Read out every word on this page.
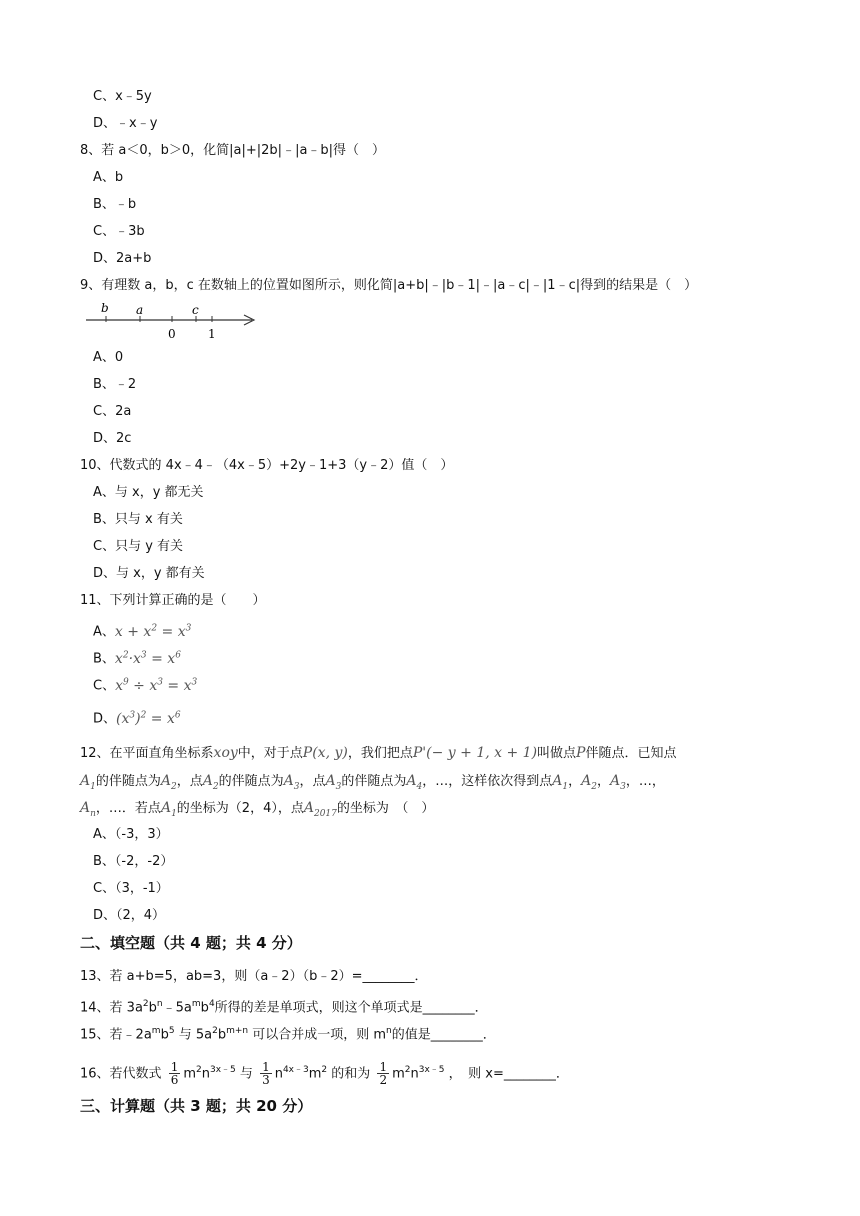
C、x﹣5y
D、﹣x﹣y
8、若 a＜0，b＞0，化简|a|+|2b|﹣|a﹣b|得（　）
A、b
B、﹣b
C、﹣3b
D、2a+b
9、有理数 a，b，c 在数轴上的位置如图所示，则化简|a+b|﹣|b﹣1|﹣|a﹣c|﹣|1﹣c|得到的结果是（　）
b a	c
0	1
A、0
B、﹣2
C、2a
D、2c
10、代数式的 4x﹣4﹣（4x﹣5）+2y﹣1+3（y﹣2）值（　）
A、与 x，y 都无关
B、只与 x 有关
C、只与 y 有关
D、与 x，y 都有关
11、下列计算正确的是（　　）
A、$x + x^2 = x^3$
B、$x^2\cdot x^3 = x^6$
C、$x^9 \div x^3 = x^3$
D、$(x^3)^2 = x^6$
12、在平面直角坐标系xoy中，对于点P(x, y)，我们把点P'(− y + 1, x + 1)叫做点P伴随点．已知点
$A_1$的伴随点为$A_2$，点$A_2$的伴随点为$A_3$，点$A_3$的伴随点为$A_4$，…，这样依次得到点$A_1$，$A_2$，$A_3$，…，
$A_n$，…．若点$A_1$的坐标为（2，4），点$A_{2017}$的坐标为　（　）
A、（-3，3）
B、（-2，-2）
C、（3，-1）
D、（2，4）
二、填空题（共 4 题；共 4 分）
13、若 a+b=5，ab=3，则（a﹣2）（b﹣2）=________．
14、若 $3a^2b^n﹣5a^mb^4$所得的差是单项式，则这个单项式是________．
15、若$﹣2a^mb^5$ 与 $5a^2b^{m+n}$ 可以合并成一项，则 $m^n$的值是________．
16、若代数式 $\frac{1}{6} m^2n^{3x﹣5}$ 与 $\frac{1}{3} n^{4x﹣3}m^2$ 的和为 $\frac{1}{2} m^2n^{3x﹣5}$ ，　则 x=________．
三、计算题（共 3 题；共 20 分）
